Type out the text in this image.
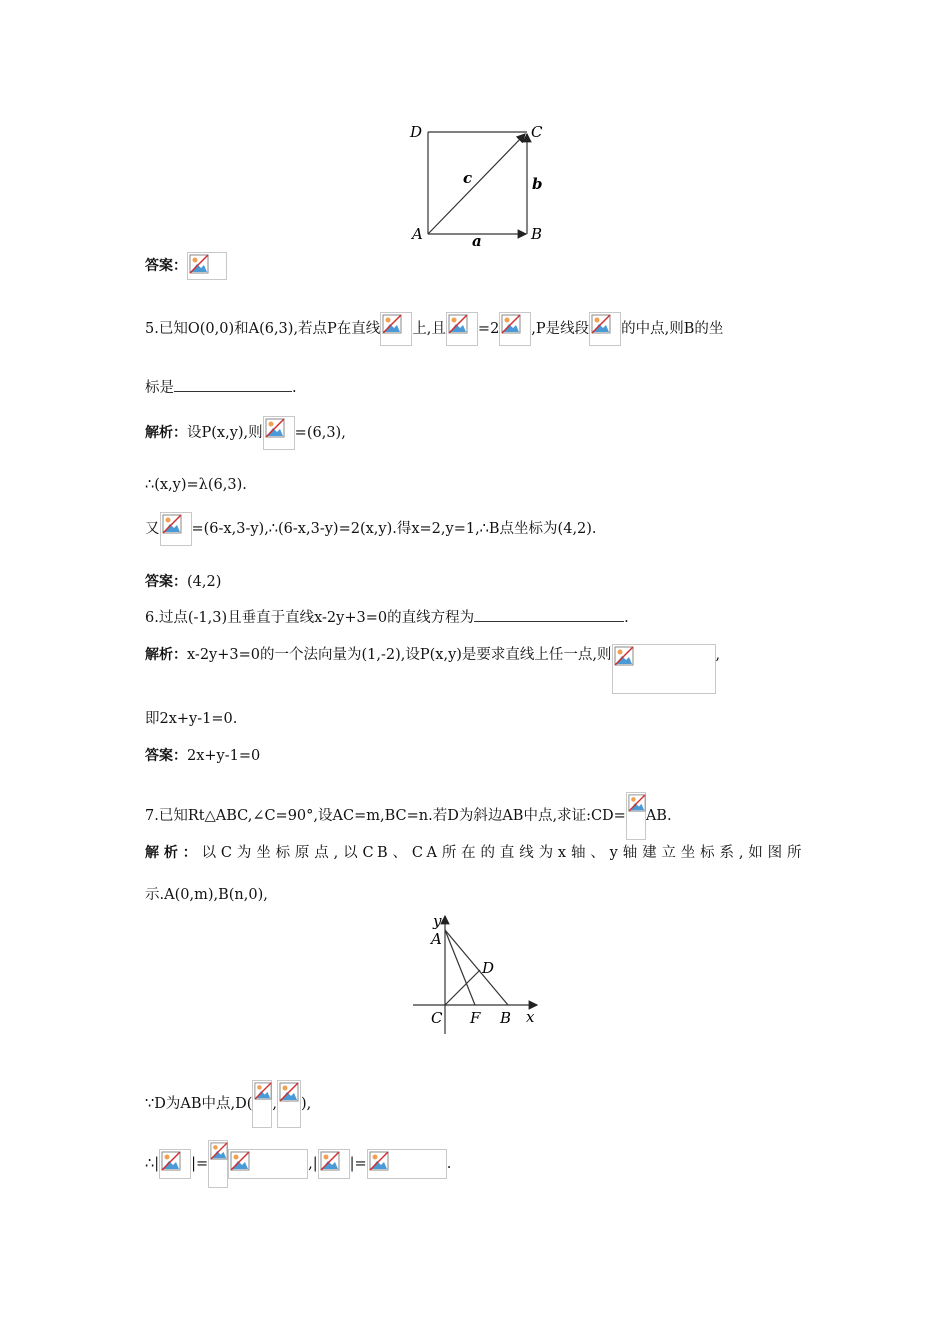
D	C
A	B
a
b
c
答案：
5.已知O(0,0)和A(6,3),若点P在直线 上,且 =2 ,P是线段 的中点,则B的坐
标是	.
解析：设P(x,y),则 =(6,3),
∴(x,y)=λ(6,3).
又 =(6-x,3-y),∴(6-x,3-y)=2(x,y).得x=2,y=1,∴B点坐标为(4,2).
答案：(4,2)
6.过点(-1,3)且垂直于直线x-2y+3=0的直线方程为	.
解析：x-2y+3=0的一个法向量为(1,-2),设P(x,y)是要求直线上任一点,则	,
即2x+y-1=0.
答案：2x+y-1=0
7.已知Rt△ABC,∠C=90°,设AC=m,BC=n.若D为斜边AB中点,求证:CD= AB.
解析：以C为坐标原点,以CB、CA所在的直线为x轴、y轴建立坐标系,如图所
示.A(0,m),B(n,0),
y
A
D
C F B x
∵D为AB中点,D( , ),
∴| |=	,| |=	.
